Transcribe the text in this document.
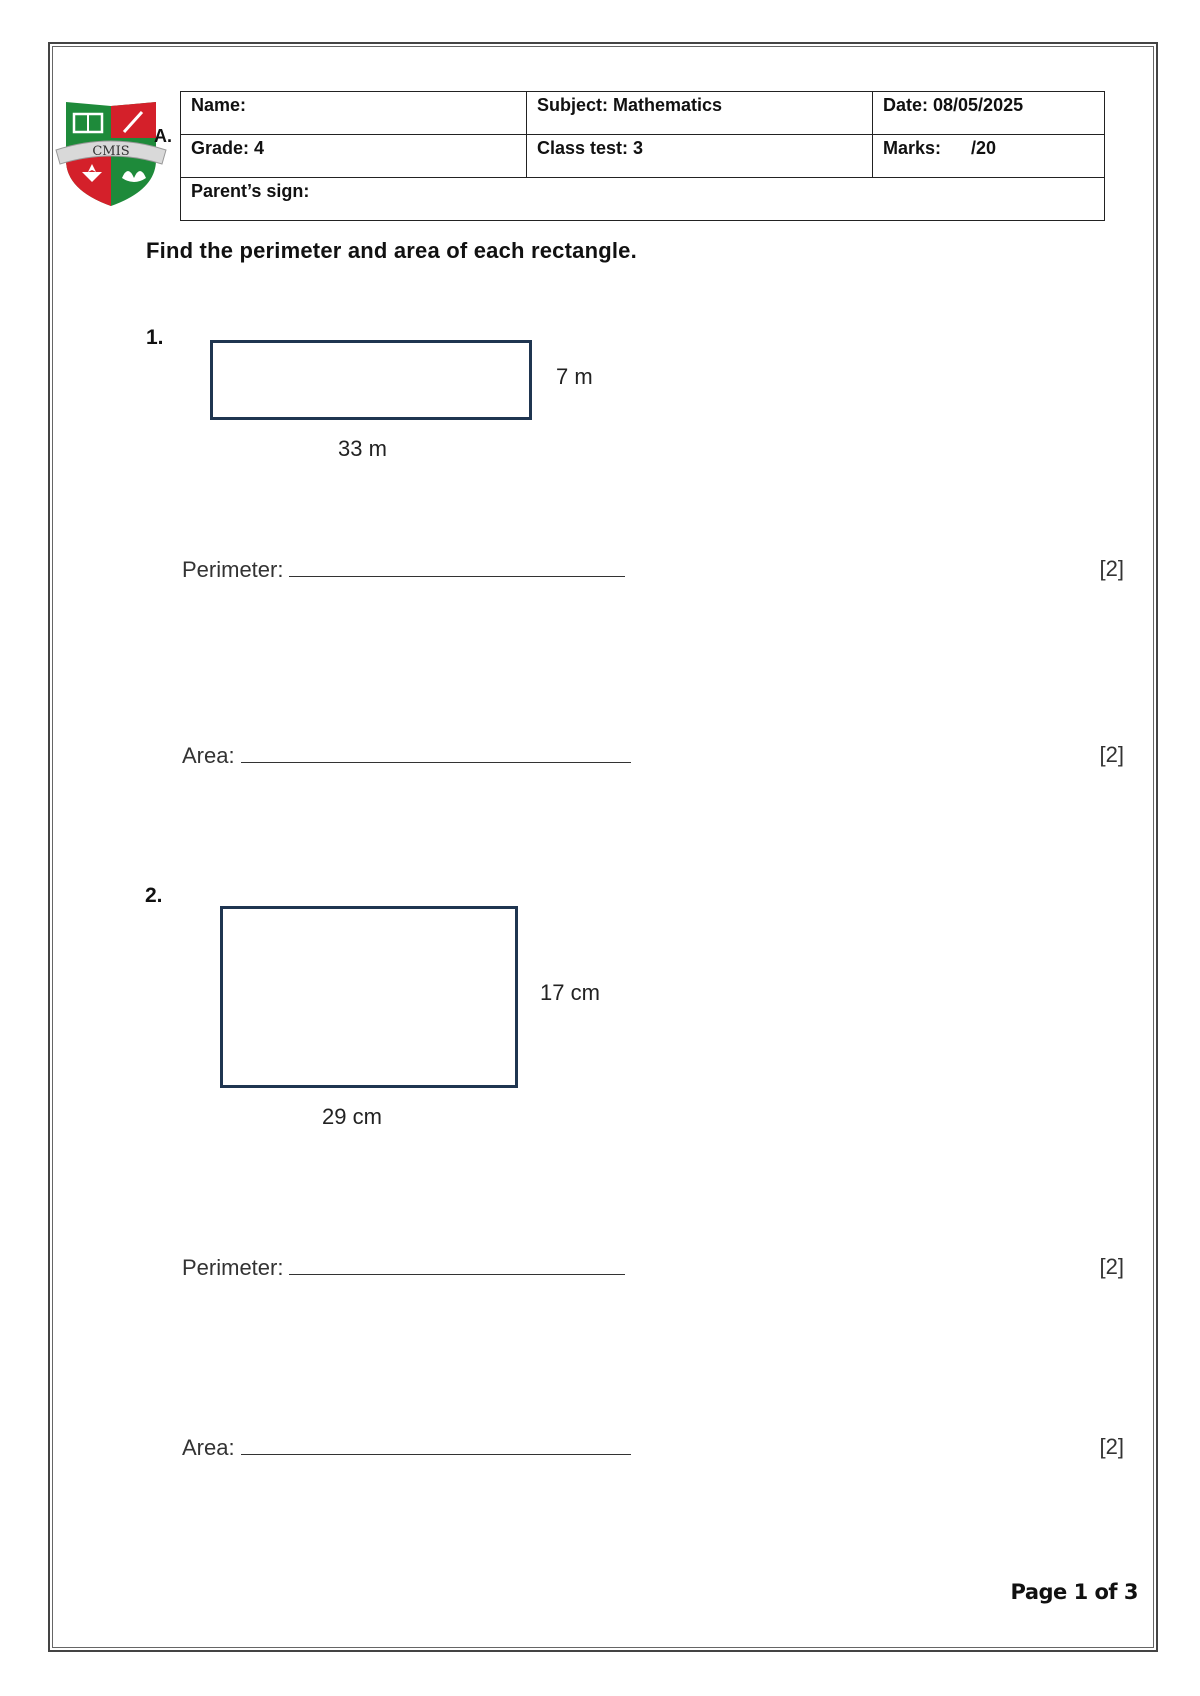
CMIS
A.
Name:	Subject: Mathematics	Date: 08/05/2025
Grade: 4	Class test: 3	Marks:      /20
Parent’s sign:		
Find the perimeter and area of each rectangle.
1.
7 m
33 m
Perimeter:	[2]
Area:	[2]
2.
17 cm
29 cm
Perimeter:	[2]
Area:	[2]
Page 1 of 3
